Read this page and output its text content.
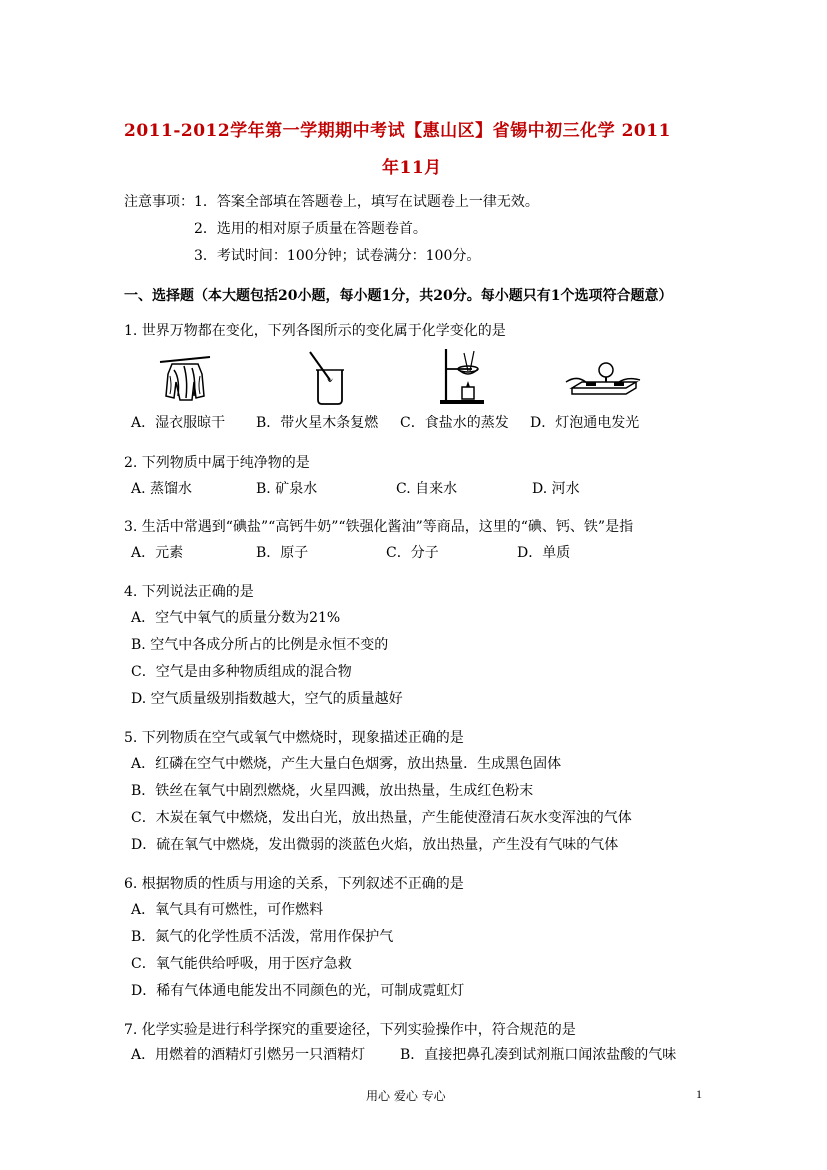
2011-2012学年第一学期期中考试【惠山区】省锡中初三化学 2011
年11月
注意事项： 1．答案全部填在答题卷上，填写在试题卷上一律无效。
2．选用的相对原子质量在答题卷首。
3．考试时间：100分钟；试卷满分：100分。
一、选择题（本大题包括20小题，每小题1分，共20分。每小题只有1个选项符合题意）
1. 世界万物都在变化，下列各图所示的变化属于化学变化的是
A．湿衣服晾干 B．带火星木条复燃 C．食盐水的蒸发 D．灯泡通电发光
2. 下列物质中属于纯净物的是
A. 蒸馏水	B. 矿泉水	C. 自来水	D. 河水
3. 生活中常遇到“碘盐”“高钙牛奶”“铁强化酱油”等商品，这里的“碘、钙、铁”是指
A．元素	B．原子	C．分子	D．单质
4. 下列说法正确的是
A．空气中氧气的质量分数为21%
B. 空气中各成分所占的比例是永恒不变的
C．空气是由多种物质组成的混合物
D. 空气质量级别指数越大，空气的质量越好
5. 下列物质在空气或氧气中燃烧时，现象描述正确的是
A．红磷在空气中燃烧，产生大量白色烟雾，放出热量．生成黑色固体
B．铁丝在氧气中剧烈燃烧，火星四溅，放出热量，生成红色粉末
C．木炭在氧气中燃烧，发出白光，放出热量，产生能使澄清石灰水变浑浊的气体
D．硫在氧气中燃烧，发出微弱的淡蓝色火焰，放出热量，产生没有气味的气体
6. 根据物质的性质与用途的关系，下列叙述不正确的是
A．氧气具有可燃性，可作燃料
B．氮气的化学性质不活泼，常用作保护气
C．氧气能供给呼吸，用于医疗急救
D．稀有气体通电能发出不同颜色的光，可制成霓虹灯
7. 化学实验是进行科学探究的重要途径，下列实验操作中，符合规范的是
A．用燃着的酒精灯引燃另一只酒精灯 B．直接把鼻孔凑到试剂瓶口闻浓盐酸的气味
用心 爱心 专心	1
